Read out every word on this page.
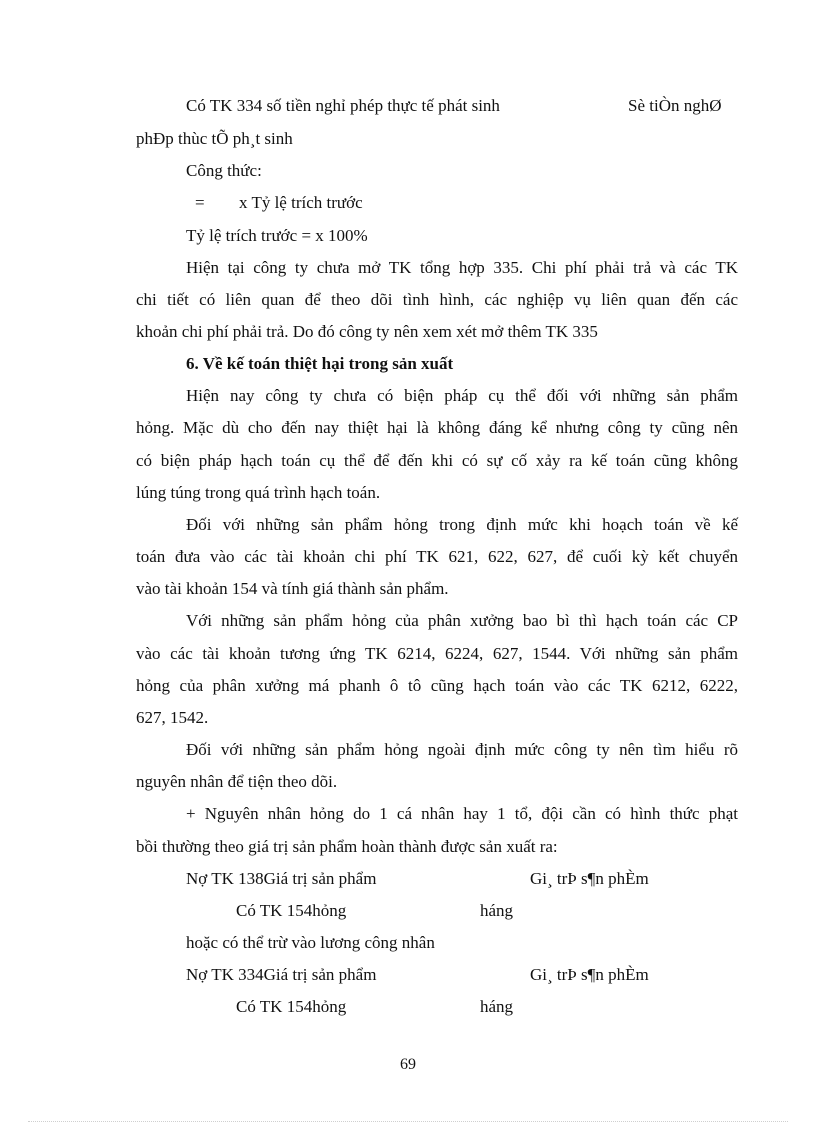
Có TK 334 số tiền nghỉ phép thực tế phát sinh	Sè tiÒn nghØ
phÐp thùc tÕ ph¸t sinh
Công thức:
= x Tỷ lệ trích trước
Tỷ lệ trích trước = x 100%
Hiện tại công ty chưa mở TK tổng hợp 335. Chi phí phải trả và các TK
chi tiết có liên quan để theo dõi tình hình, các nghiệp vụ liên quan đến các
khoản chi phí phải trả. Do đó công ty nên xem xét mở thêm TK 335
6. Về kế toán thiệt hại trong sản xuất
Hiện nay công ty chưa có biện pháp cụ thể đối với những sản phẩm
hỏng. Mặc dù cho đến nay thiệt hại là không đáng kể nhưng công ty cũng nên
có biện pháp hạch toán cụ thể để đến khi có sự cố xảy ra kế toán cũng không
lúng túng trong quá trình hạch toán.
Đối với những sản phẩm hỏng trong định mức khi hoạch toán về kế
toán đưa vào các tài khoản chi phí TK 621, 622, 627, để cuối kỳ kết chuyển
vào tài khoản 154 và tính giá thành sản phẩm.
Với những sản phẩm hỏng của phân xưởng bao bì thì hạch toán các CP
vào các tài khoản tương ứng TK 6214, 6224, 627, 1544. Với những sản phẩm
hỏng của phân xưởng má phanh ô tô cũng hạch toán vào các TK 6212, 6222,
627, 1542.
Đối với những sản phẩm hỏng ngoài định mức công ty nên tìm hiểu rõ
nguyên nhân để tiện theo dõi.
+ Nguyên nhân hỏng do 1 cá nhân hay 1 tổ, đội cần có hình thức phạt
bồi thường theo giá trị sản phẩm hoàn thành được sản xuất ra:
Nợ TK 138Giá trị sản phẩm	Gi¸ trÞ s¶n phÈm
Có TK 154hỏng	háng
hoặc có thể trừ vào lương công nhân
Nợ TK 334Giá trị sản phẩm	Gi¸ trÞ s¶n phÈm
Có TK 154hỏng	háng
69
